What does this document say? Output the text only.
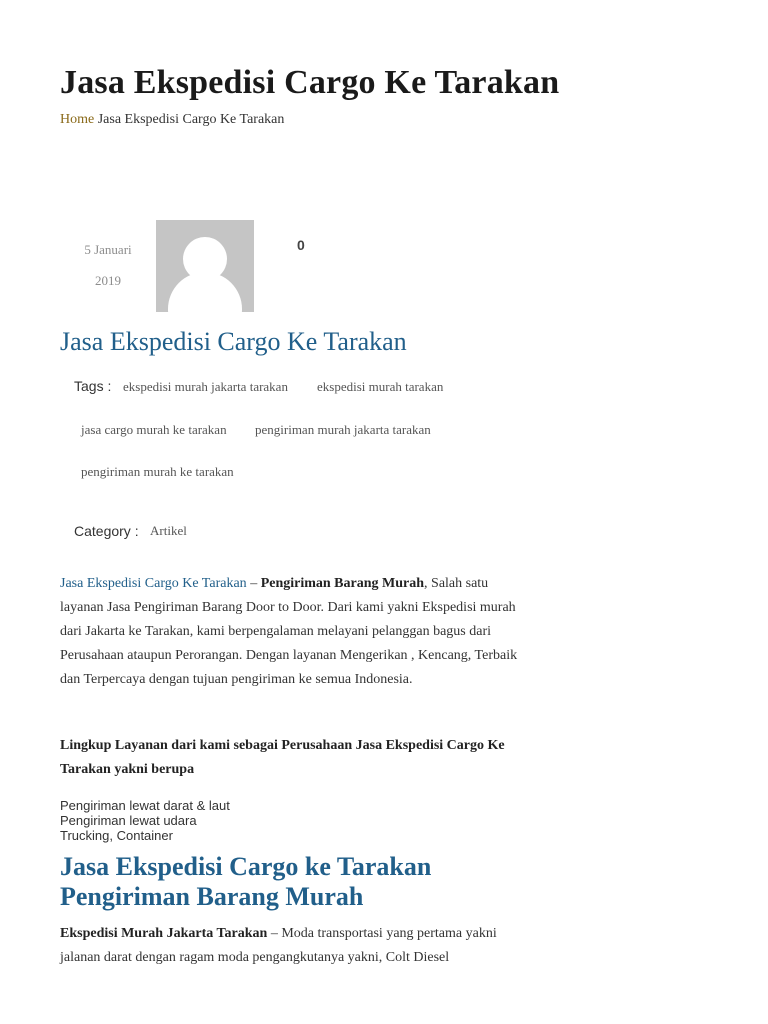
Jasa Ekspedisi Cargo Ke Tarakan
Home Jasa Ekspedisi Cargo Ke Tarakan
5 Januari
2019
0
Jasa Ekspedisi Cargo Ke Tarakan
Tags : ekspedisi murah jakarta tarakan ekspedisi murah tarakan
jasa cargo murah ke tarakan pengiriman murah jakarta tarakan
pengiriman murah ke tarakan
Category : Artikel

Jasa Ekspedisi Cargo Ke Tarakan – Pengiriman Barang Murah, Salah satu layanan Jasa Pengiriman Barang Door to Door. Dari kami yakni Ekspedisi murah dari Jakarta ke Tarakan, kami berpengalaman melayani pelanggan bagus dari Perusahaan ataupun Perorangan. Dengan layanan Mengerikan , Kencang, Terbaik dan Terpercaya dengan tujuan pengiriman ke semua Indonesia.

Lingkup Layanan dari kami sebagai Perusahaan Jasa Ekspedisi Cargo Ke Tarakan yakni berupa

Pengiriman lewat darat & laut
Pengiriman lewat udara
Trucking, Container
Jasa Ekspedisi Cargo ke Tarakan
Pengiriman Barang Murah

Ekspedisi Murah Jakarta Tarakan – Moda transportasi yang pertama yakni jalanan darat dengan ragam moda pengangkutanya yakni, Colt Diesel
